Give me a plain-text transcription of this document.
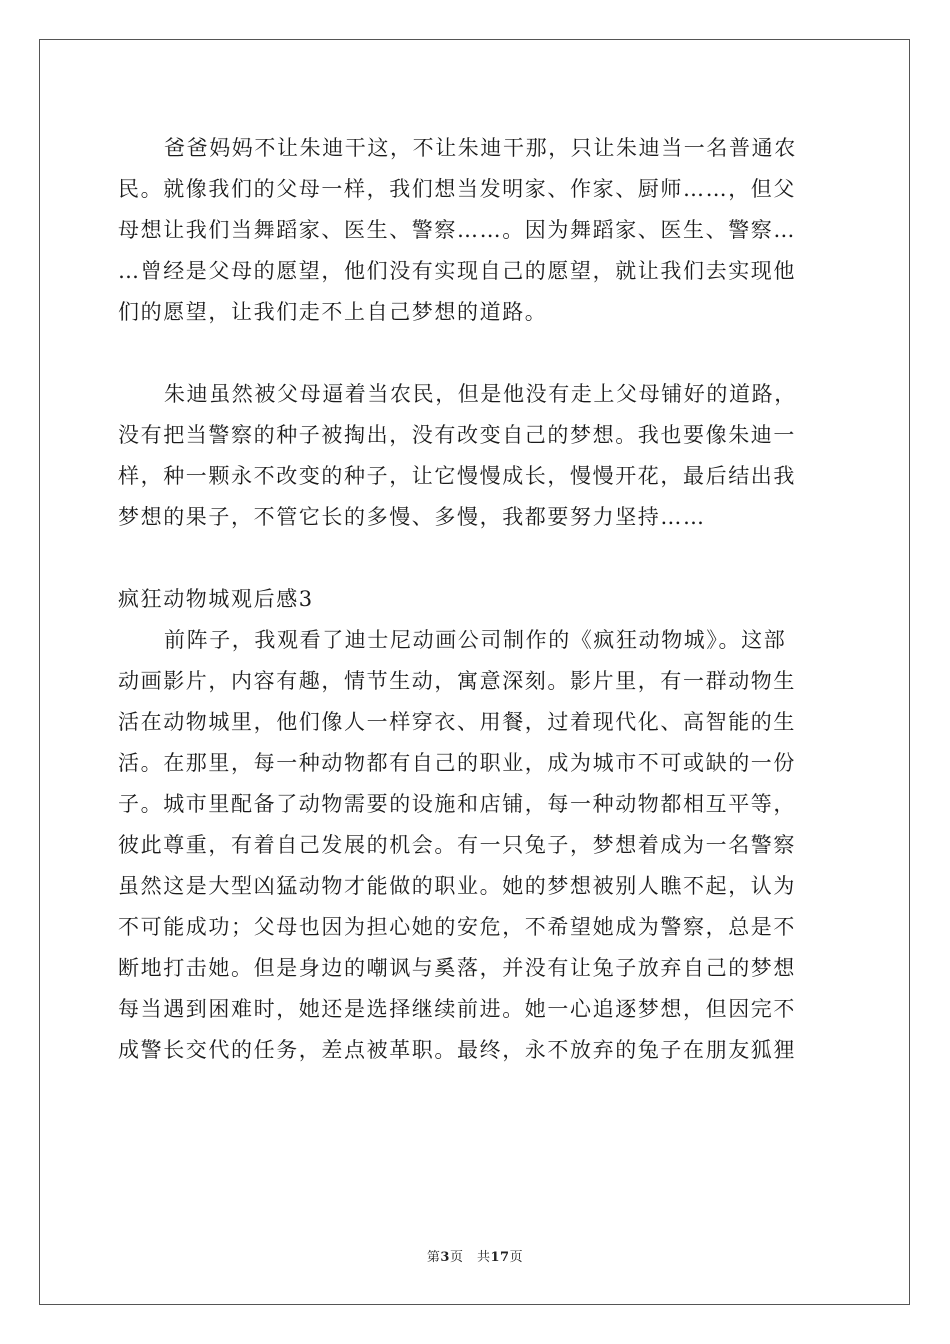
爸爸妈妈不让朱迪干这，不让朱迪干那，只让朱迪当一名普通农
民。就像我们的父母一样，我们想当发明家、作家、厨师……，但父
母想让我们当舞蹈家、医生、警察……。因为舞蹈家、医生、警察…
…曾经是父母的愿望，他们没有实现自己的愿望，就让我们去实现他
们的愿望，让我们走不上自己梦想的道路。
朱迪虽然被父母逼着当农民，但是他没有走上父母铺好的道路，
没有把当警察的种子被掏出，没有改变自己的梦想。我也要像朱迪一
样，种一颗永不改变的种子，让它慢慢成长，慢慢开花，最后结出我
梦想的果子，不管它长的多慢、多慢，我都要努力坚持……
疯狂动物城观后感3
前阵子，我观看了迪士尼动画公司制作的《疯狂动物城》。这部
动画影片，内容有趣，情节生动，寓意深刻。影片里，有一群动物生
活在动物城里，他们像人一样穿衣、用餐，过着现代化、高智能的生
活。在那里，每一种动物都有自己的职业，成为城市不可或缺的一份
子。城市里配备了动物需要的设施和店铺，每一种动物都相互平等，
彼此尊重，有着自己发展的机会。有一只兔子，梦想着成为一名警察
虽然这是大型凶猛动物才能做的职业。她的梦想被别人瞧不起，认为
不可能成功；父母也因为担心她的安危，不希望她成为警察，总是不
断地打击她。但是身边的嘲讽与奚落，并没有让兔子放弃自己的梦想
每当遇到困难时，她还是选择继续前进。她一心追逐梦想，但因完不
成警长交代的任务，差点被革职。最终，永不放弃的兔子在朋友狐狸
第3页　共17页
